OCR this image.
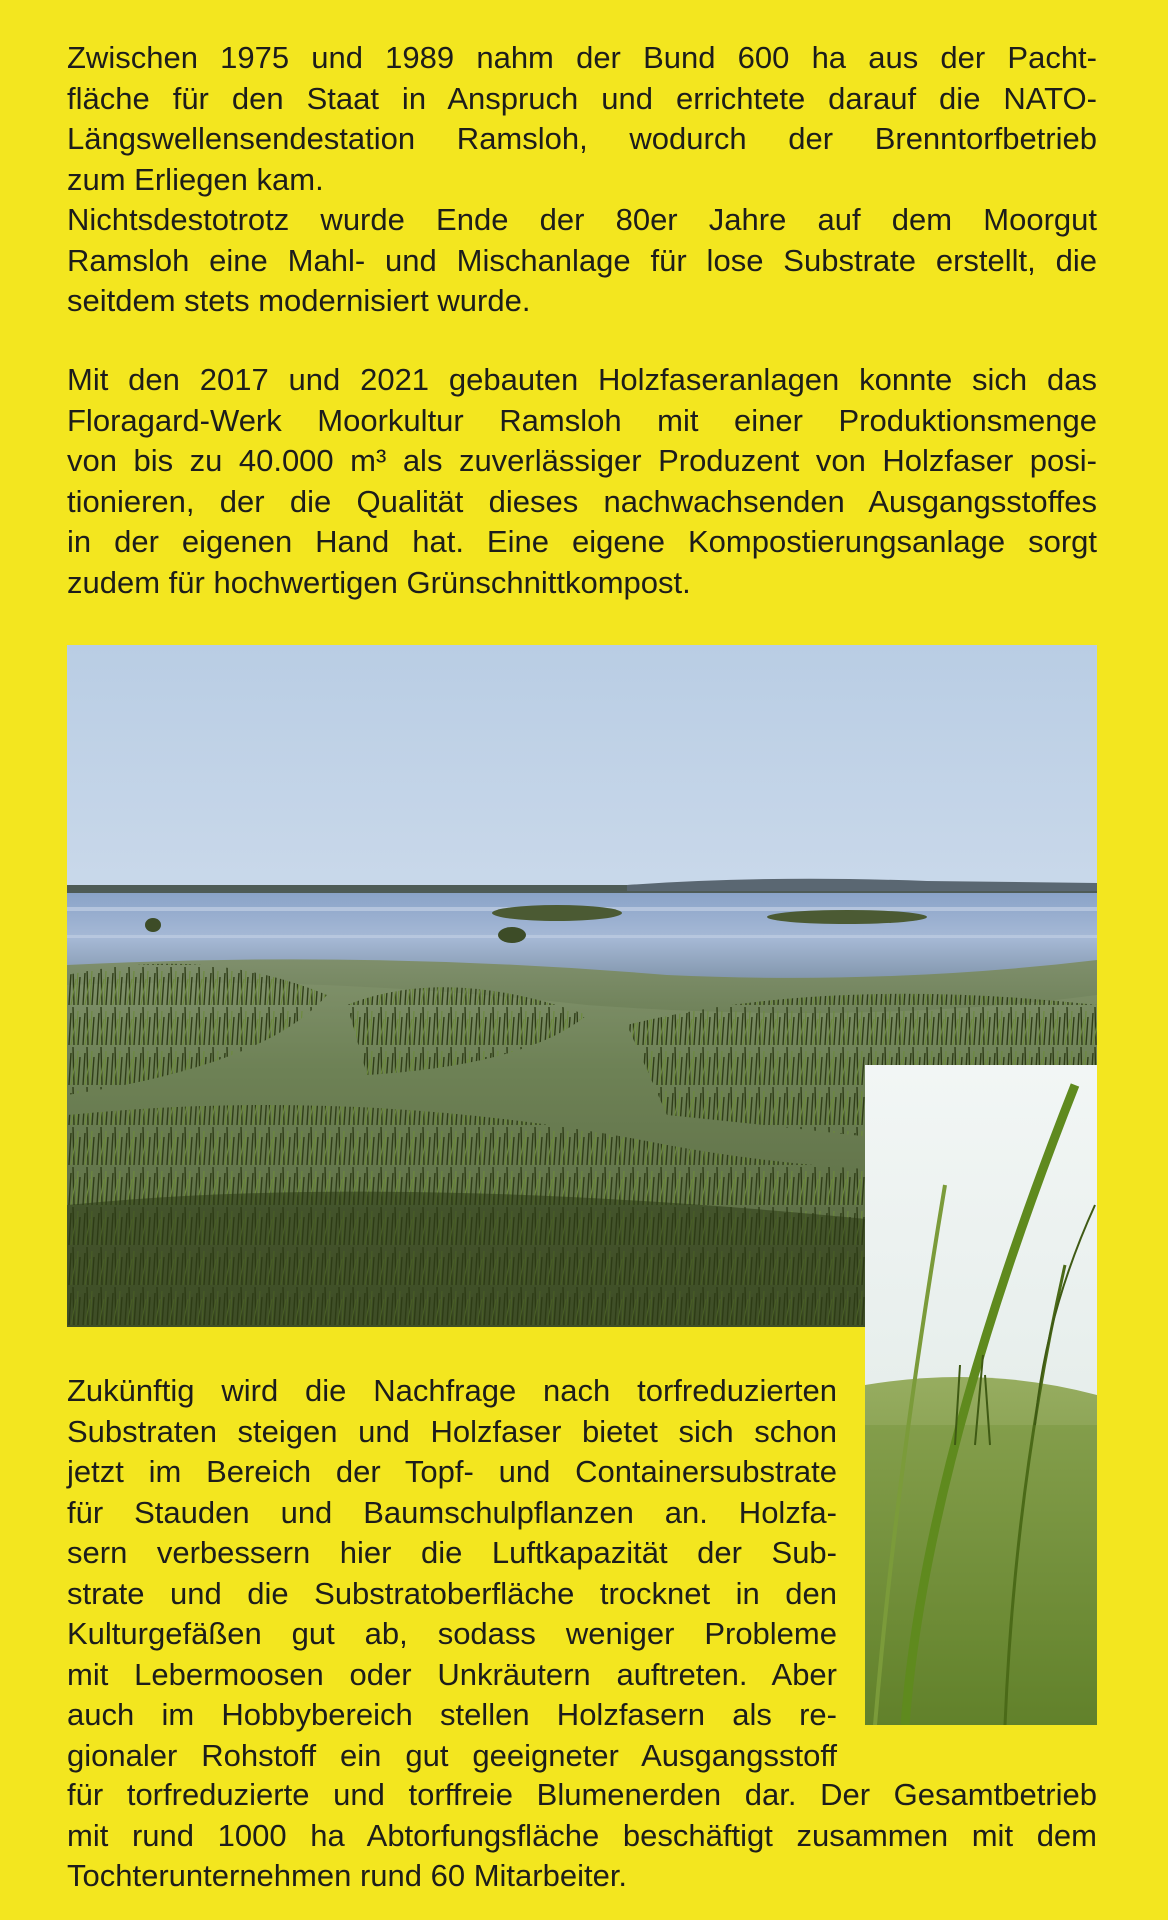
Zwischen 1975 und 1989 nahm der Bund 600 ha aus der Pacht-
fläche für den Staat in Anspruch und errichtete darauf die NATO-
Längswellensendestation Ramsloh, wodurch der Brenntorfbetrieb
zum Erliegen kam.
Nichtsdestotrotz wurde Ende der 80er Jahre auf dem Moorgut
Ramsloh eine Mahl- und Mischanlage für lose Substrate erstellt, die
seitdem stets modernisiert wurde.
Mit den 2017 und 2021 gebauten Holzfaseranlagen konnte sich das
Floragard-Werk Moorkultur Ramsloh mit einer Produktionsmenge
von bis zu 40.000 m³ als zuverlässiger Produzent von Holzfaser posi-
tionieren, der die Qualität dieses nachwachsenden Ausgangsstoffes
in der eigenen Hand hat. Eine eigene Kompostierungsanlage sorgt
zudem für hochwertigen Grünschnittkompost.
Zukünftig wird die Nachfrage nach torfreduzierten
Substraten steigen und Holzfaser bietet sich schon
jetzt im Bereich der Topf- und Containersubstrate
für Stauden und Baumschulpflanzen an. Holzfa-
sern verbessern hier die Luftkapazität der Sub-
strate und die Substratoberfläche trocknet in den
Kulturgefäßen gut ab, sodass weniger Probleme
mit Lebermoosen oder Unkräutern auftreten. Aber
auch im Hobbybereich stellen Holzfasern als re-
gionaler Rohstoff ein gut geeigneter Ausgangsstoff
für torfreduzierte und torffreie Blumenerden dar. Der Gesamtbetrieb
mit rund 1000 ha Abtorfungsfläche beschäftigt zusammen mit dem
Tochterunternehmen rund 60 Mitarbeiter.
